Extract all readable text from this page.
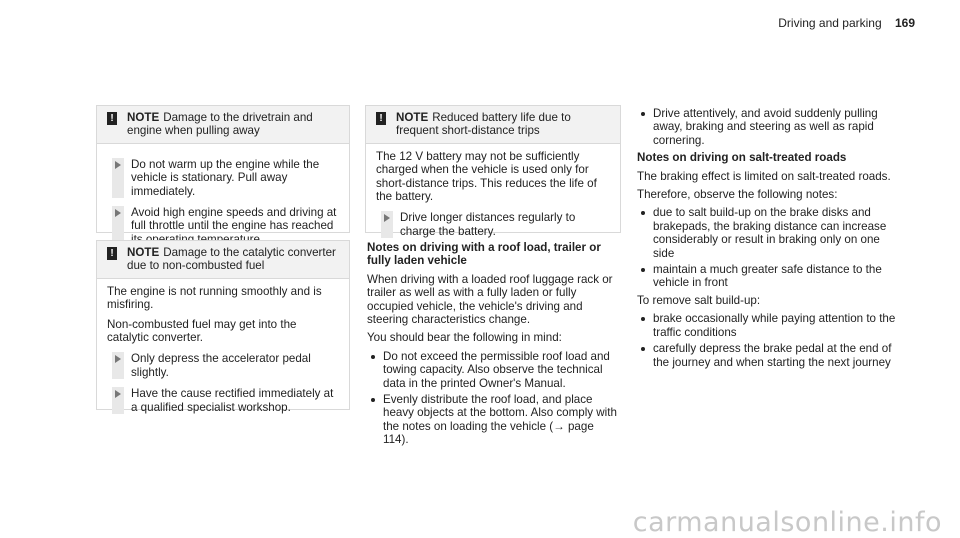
Driving and parking 169
! NOTE Damage to the drivetrain and engine when pulling away
Do not warm up the engine while the vehicle is stationary. Pull away immediately.
Avoid high engine speeds and driving at full throttle until the engine has reached
! NOTE Damage to the catalytic converter due to non-combusted fuel

The engine is not running smoothly and is misfiring.

Non-combusted fuel may get into the catalytic converter.

Only depress the accelerator pedal slightly.
Have the cause rectified immediately at a qualified specialist workshop.
! NOTE Reduced battery life due to frequent short-distance trips

The 12 V battery may not be sufficiently charged when the vehicle is used only for short-distance trips. This reduces the life of the battery.

Drive longer distances regularly to charge the battery.

Notes on driving with a roof load, trailer or fully laden vehicle

When driving with a loaded roof luggage rack or trailer as well as with a fully laden or fully occupied vehicle, the vehicle's driving and steering characteristics change.

You should bear the following in mind:

Do not exceed the permissible roof load and towing capacity. Also observe the technical data in the printed Owner's Manual.
Evenly distribute the roof load, and place heavy objects at the bottom. Also comply with the notes on loading the vehicle (→ page 114).
Drive attentively, and avoid suddenly pulling away, braking and steering as well as rapid cornering.

Notes on driving on salt-treated roads

The braking effect is limited on salt-treated roads.

Therefore, observe the following notes:

due to salt build-up on the brake disks and brakepads, the braking distance can increase considerably or result in braking only on one side
maintain a much greater safe distance to the vehicle in front

To remove salt build-up:

brake occasionally while paying attention to the traffic conditions
carefully depress the brake pedal at the end of the journey and when starting the next journey
carmanualsonline.info
